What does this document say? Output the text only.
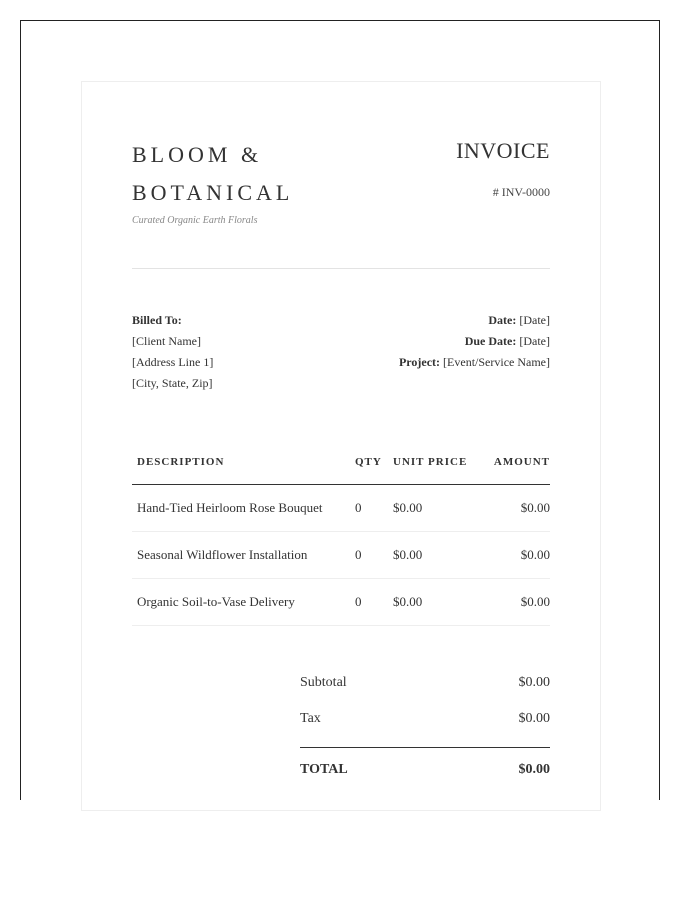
BLOOM &
BOTANICAL
Curated Organic Earth Florals
INVOICE
# INV-0000
Billed To:
[Client Name]
[Address Line 1]
[City, State, Zip]
Date: [Date]
Due Date: [Date]
Project: [Event/Service Name]
DESCRIPTION	QTY	UNIT PRICE	AMOUNT
Hand-Tied Heirloom Rose Bouquet	0	$0.00	$0.00
Seasonal Wildflower Installation	0	$0.00	$0.00
Organic Soil-to-Vase Delivery	0	$0.00	$0.00
Subtotal	$0.00
Tax	$0.00
TOTAL	$0.00
